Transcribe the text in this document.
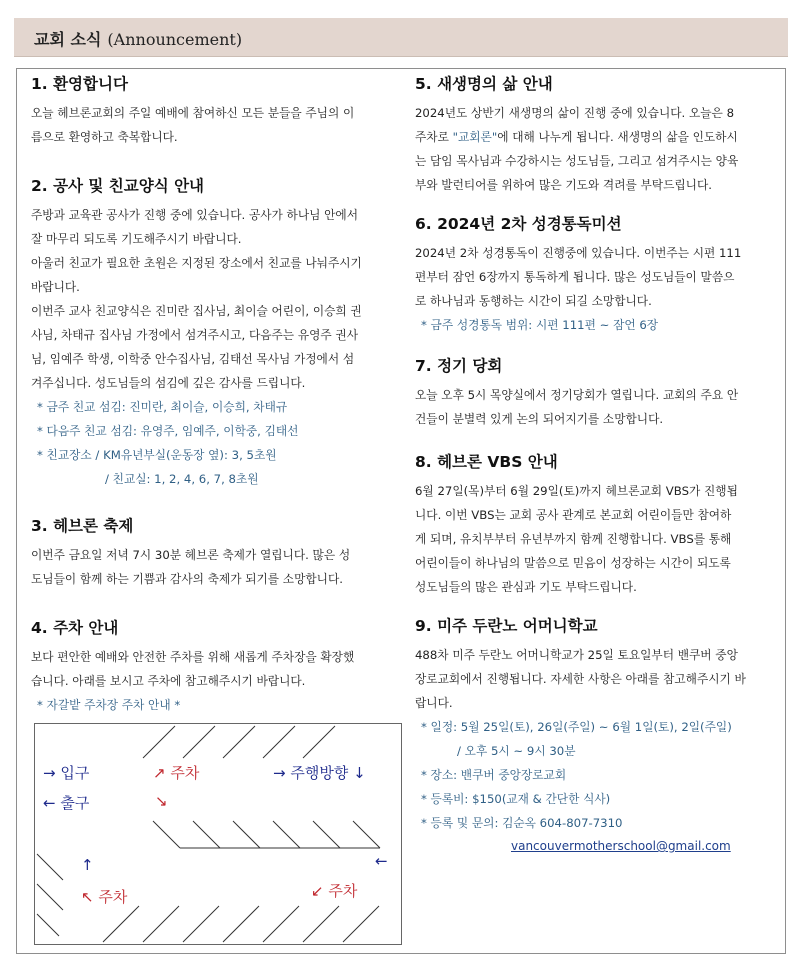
교회 소식 (Announcement)
1. 환영합니다

오늘 헤브론교회의 주일 예배에 참여하신 모든 분들을 주님의 이

름으로 환영하고 축복합니다.

2. 공사 및 친교양식 안내

주방과 교육관 공사가 진행 중에 있습니다. 공사가 하나님 안에서

잘 마무리 되도록 기도해주시기 바랍니다.

아울러 친교가 필요한 초원은 지정된 장소에서 친교를 나눠주시기

바랍니다.

이번주 교사 친교양식은 진미란 집사님, 최이슬 어린이, 이승희 권

사님, 차태규 집사님 가정에서 섬겨주시고, 다음주는 유영주 권사

님, 임예주 학생, 이학중 안수집사님, 김태선 목사님 가정에서 섬

겨주십니다. 성도님들의 섬김에 깊은 감사를 드립니다.

* 금주 친교 섬김: 진미란, 최이슬, 이승희, 차태규
* 다음주 친교 섬김: 유영주, 임예주, 이학중, 김태선
* 친교장소 / KM유년부실(운동장 옆): 3, 5초원
/ 친교실: 1, 2, 4, 6, 7, 8초원
3. 헤브론 축제

이번주 금요일 저녁 7시 30분 헤브론 축제가 열립니다. 많은 성

도님들이 함께 하는 기쁨과 감사의 축제가 되기를 소망합니다.

4. 주차 안내

보다 편안한 예배와 안전한 주차를 위해 새롭게 주차장을 확장했

습니다. 아래를 보시고 주차에 참고해주시기 바랍니다.

* 자갈밭 주차장 주차 안내 *
→ 입구
← 출구
↗ 주차
↘
→ 주행방향 ↓
↑	←
↖ 주차	↙ 주차
5. 새생명의 삶 안내

2024년도 상반기 새생명의 삶이 진행 중에 있습니다. 오늘은 8

주차로 "교회론"에 대해 나누게 됩니다. 새생명의 삶을 인도하시

는 담임 목사님과 수강하시는 성도님들, 그리고 섬겨주시는 양육

부와 발런티어를 위하여 많은 기도와 격려를 부탁드립니다.

6. 2024년 2차 성경통독미션

2024년 2차 성경통독이 진행중에 있습니다. 이번주는 시편 111

편부터 잠언 6장까지 통독하게 됩니다. 많은 성도님들이 말씀으

로 하나님과 동행하는 시간이 되길 소망합니다.

* 금주 성경통독 범위: 시편 111편 ~ 잠언 6장
7. 정기 당회

오늘 오후 5시 목양실에서 정기당회가 열립니다. 교회의 주요 안

건들이 분별력 있게 논의 되어지기를 소망합니다.

8. 헤브론 VBS 안내

6월 27일(목)부터 6월 29일(토)까지 헤브론교회 VBS가 진행됩

니다. 이번 VBS는 교회 공사 관계로 본교회 어린이들만 참여하

게 되며, 유치부부터 유년부까지 함께 진행합니다. VBS를 통해

어린이들이 하나님의 말씀으로 믿음이 성장하는 시간이 되도록

성도님들의 많은 관심과 기도 부탁드립니다.

9. 미주 두란노 어머니학교

488차 미주 두란노 어머니학교가 25일 토요일부터 밴쿠버 중앙

장로교회에서 진행됩니다. 자세한 사항은 아래를 참고해주시기 바

랍니다.

* 일정: 5월 25일(토), 26일(주일) ~ 6월 1일(토), 2일(주일)
/ 오후 5시 ~ 9시 30분
* 장소: 밴쿠버 중앙장로교회
* 등록비: $150(교재 & 간단한 식사)
* 등록 및 문의: 김순옥 604-807-7310
vancouvermotherschool@gmail.com
